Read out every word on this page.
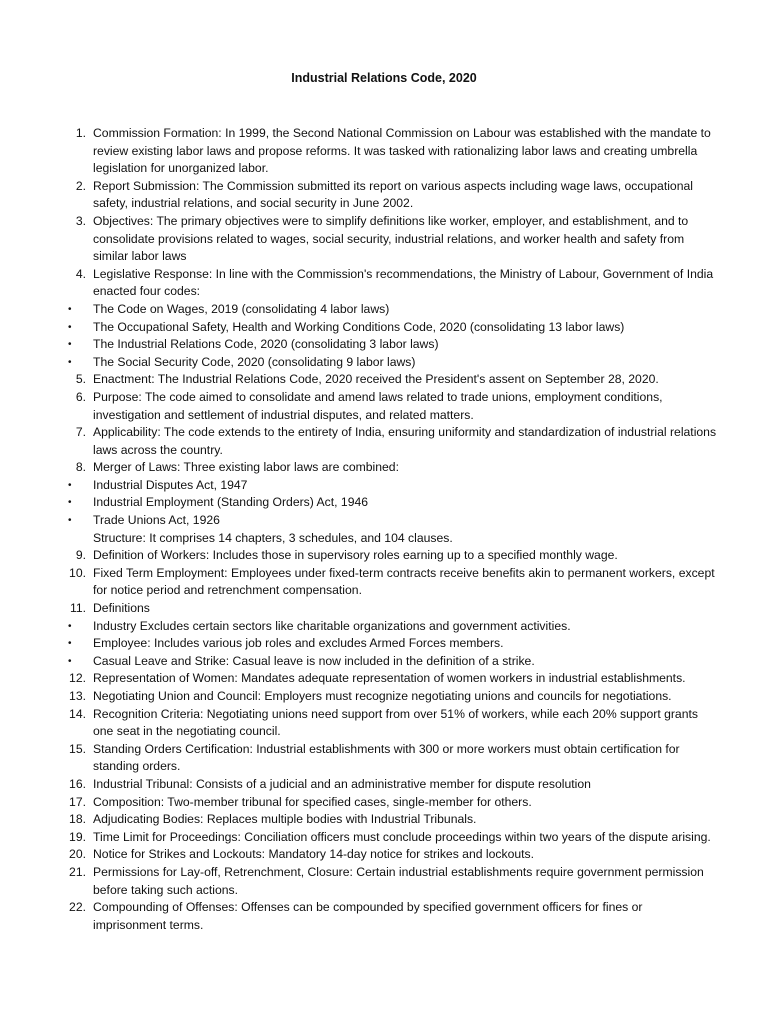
Industrial Relations Code, 2020
1. Commission Formation: In 1999, the Second National Commission on Labour was established with the mandate to review existing labor laws and propose reforms. It was tasked with rationalizing labor laws and creating umbrella legislation for unorganized labor.
2. Report Submission: The Commission submitted its report on various aspects including wage laws, occupational safety, industrial relations, and social security in June 2002.
3. Objectives: The primary objectives were to simplify definitions like worker, employer, and establishment, and to consolidate provisions related to wages, social security, industrial relations, and worker health and safety from similar labor laws
4. Legislative Response: In line with the Commission's recommendations, the Ministry of Labour, Government of India enacted four codes:
•	The Code on Wages, 2019 (consolidating 4 labor laws)
•	The Occupational Safety, Health and Working Conditions Code, 2020 (consolidating 13 labor laws)
•	The Industrial Relations Code, 2020 (consolidating 3 labor laws)
•	The Social Security Code, 2020 (consolidating 9 labor laws)
5. Enactment: The Industrial Relations Code, 2020 received the President's assent on September 28, 2020.
6. Purpose: The code aimed to consolidate and amend laws related to trade unions, employment conditions, investigation and settlement of industrial disputes, and related matters.
7. Applicability: The code extends to the entirety of India, ensuring uniformity and standardization of industrial relations laws across the country.
8. Merger of Laws: Three existing labor laws are combined:
•	Industrial Disputes Act, 1947
•	Industrial Employment (Standing Orders) Act, 1946
•	Trade Unions Act, 1926
Structure: It comprises 14 chapters, 3 schedules, and 104 clauses.
9. Definition of Workers: Includes those in supervisory roles earning up to a specified monthly wage.
10. Fixed Term Employment: Employees under fixed-term contracts receive benefits akin to permanent workers, except for notice period and retrenchment compensation.
11. Definitions
•	Industry Excludes certain sectors like charitable organizations and government activities.
•	Employee: Includes various job roles and excludes Armed Forces members.
•	Casual Leave and Strike: Casual leave is now included in the definition of a strike.
12. Representation of Women: Mandates adequate representation of women workers in industrial establishments.
13. Negotiating Union and Council: Employers must recognize negotiating unions and councils for negotiations.
14. Recognition Criteria: Negotiating unions need support from over 51% of workers, while each 20% support grants one seat in the negotiating council.
15. Standing Orders Certification: Industrial establishments with 300 or more workers must obtain certification for standing orders.
16. Industrial Tribunal: Consists of a judicial and an administrative member for dispute resolution
17. Composition: Two-member tribunal for specified cases, single-member for others.
18. Adjudicating Bodies: Replaces multiple bodies with Industrial Tribunals.
19. Time Limit for Proceedings: Conciliation officers must conclude proceedings within two years of the dispute arising.
20. Notice for Strikes and Lockouts: Mandatory 14-day notice for strikes and lockouts.
21. Permissions for Lay-off, Retrenchment, Closure: Certain industrial establishments require government permission before taking such actions.
22. Compounding of Offenses: Offenses can be compounded by specified government officers for fines or imprisonment terms.
